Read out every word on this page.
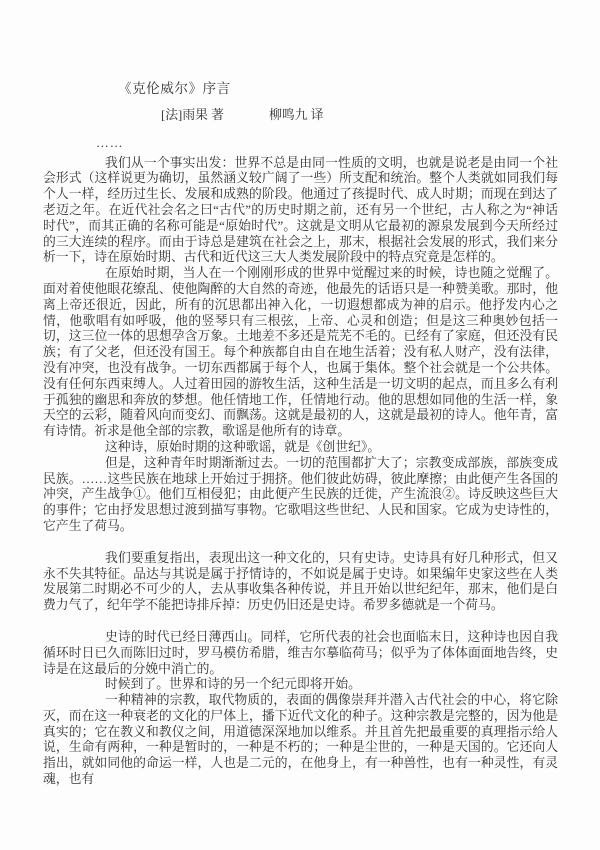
《克伦威尔》序言
[法]雨果 著	柳鸣九 译

……

我们从一个事实出发：世界不总是由同一性质的文明，也就是说老是由同一个社会形式（这样说更为确切，虽然涵义较广阔了一些）所支配和统治。整个人类就如同我们每个人一样，经历过生长、发展和成熟的阶段。他通过了孩提时代、成人时期；而现在到达了老迈之年。在近代社会名之曰“古代”的历史时期之前，还有另一个世纪，古人称之为“神话时代”，而其正确的名称可能是“原始时代”。这就是文明从它最初的源泉发展到今天所经过的三大连续的程序。而由于诗总是建筑在社会之上，那末，根据社会发展的形式，我们来分析一下，诗在原始时期、古代和近代这三大人类发展阶段中的特点究竟是怎样的。

在原始时期，当人在一个刚刚形成的世界中觉醒过来的时候，诗也随之觉醒了。面对着使他眼花缭乱、使他陶醉的大自然的奇迹，他最先的话语只是一种赞美歌。那时，他离上帝还很近，因此，所有的沉思都出神入化，一切遐想都成为神的启示。他抒发内心之情，他歌唱有如呼吸，他的竖琴只有三根弦，上帝、心灵和创造；但是这三种奥妙包括一切，这三位一体的思想孕含万象。土地差不多还是荒芜不毛的。已经有了家庭，但还没有民族；有了父老，但还没有国王。每个种族都自由自在地生活着；没有私人财产，没有法律，没有冲突，也没有战争。一切东西都属于每个人，也属于集体。整个社会就是一个公共体。没有任何东西束缚人。人过着田园的游牧生活，这种生活是一切文明的起点，而且多么有利于孤独的幽思和奔放的梦想。他任情地工作，任情地行动。他的思想如同他的生活一样，象天空的云彩，随着风向而变幻、而飘荡。这就是最初的人，这就是最初的诗人。他年青，富有诗情。祈求是他全部的宗教，歌谣是他所有的诗章。

这种诗，原始时期的这种歌谣，就是《创世纪》。

但是，这种青年时期渐渐过去。一切的范围都扩大了；宗教变成部族，部族变成民族。……这些民族在地球上开始过于拥挤。他们彼此妨碍，彼此摩擦；由此便产生各国的冲突，产生战争①。他们互相侵犯；由此便产生民族的迁徙，产生流浪②。诗反映这些巨大的事件；它由抒发思想过渡到描写事物。它歌唱这些世纪、人民和国家。它成为史诗性的，它产生了荷马。

我们要重复指出，表现出这一种文化的，只有史诗。史诗具有好几种形式，但又永不失其特征。品达与其说是属于抒情诗的，不如说是属于史诗。如果编年史家这些在人类发展第二时期必不可少的人，去从事收集各种传说，并且开始以世纪纪年，那末，他们是白费力气了，纪年学不能把诗排斥掉：历史仍旧还是史诗。希罗多德就是一个荷马。

史诗的时代已经日薄西山。同样，它所代表的社会也面临末日，这种诗也因自我循环时日已久而陈旧过时，罗马模仿希腊，维吉尔摹临荷马；似乎为了体体面面地告终，史诗是在这最后的分娩中消亡的。

时候到了。世界和诗的另一个纪元即将开始。

一种精神的宗教，取代物质的，表面的偶像崇拜并潜入古代社会的中心，将它除灭，而在这一种衰老的文化的尸体上，播下近代文化的种子。这种宗教是完整的，因为他是真实的；它在教义和教仪之间，用道德深深地加以维系。并且首先把最重要的真理指示给人说，生命有两种，一种是暂时的，一种是不朽的；一种是尘世的，一种是天国的。它还向人指出，就如同他的命运一样，人也是二元的，在他身上，有一种兽性，也有一种灵性，有灵魂，也有
